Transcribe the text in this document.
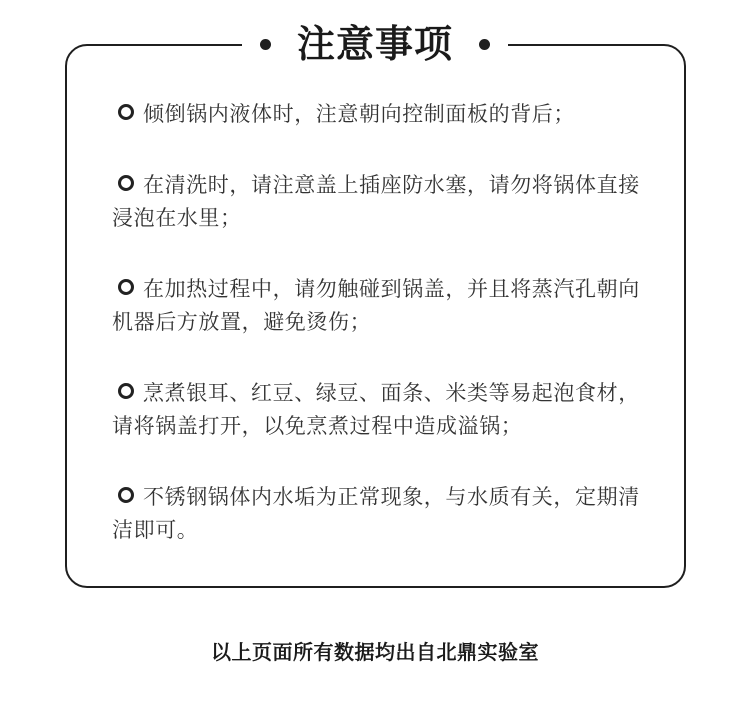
注意事项
倾倒锅内液体时，注意朝向控制面板的背后；
在清洗时，请注意盖上插座防水塞，请勿将锅体直接浸泡在水里；
在加热过程中，请勿触碰到锅盖，并且将蒸汽孔朝向机器后方放置，避免烫伤；
烹煮银耳、红豆、绿豆、面条、米类等易起泡食材，请将锅盖打开，以免烹煮过程中造成溢锅；
不锈钢锅体内水垢为正常现象，与水质有关，定期清洁即可。
以上页面所有数据均出自北鼎实验室
